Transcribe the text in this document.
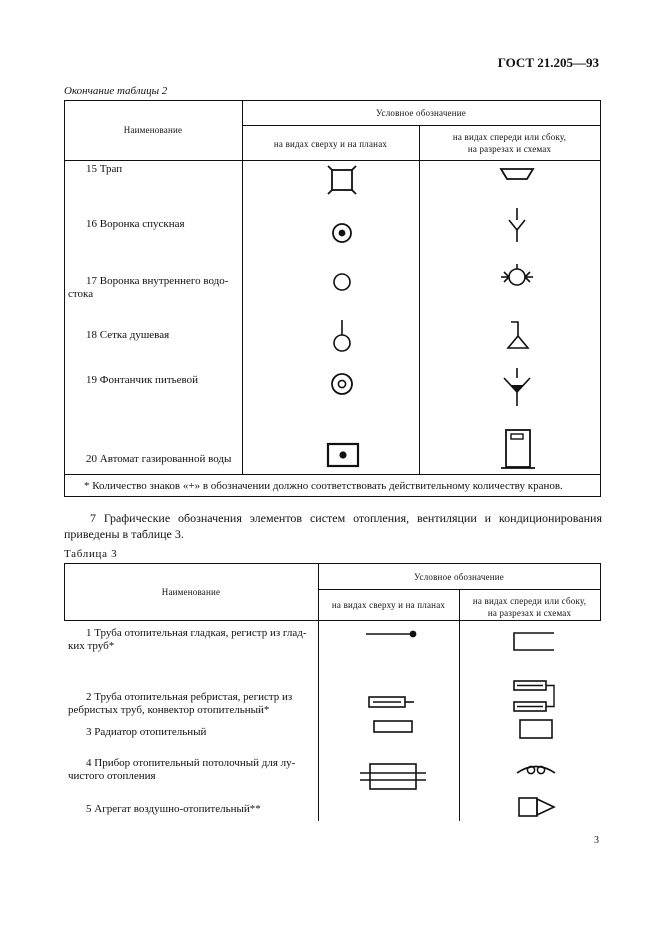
ГОСТ 21.205—93
Окончание таблицы 2
Наименование
Условное обозначение
на видах сверху и на планах
на видах спереди или сбоку,
на разрезах и схемах
15 Трап
16 Воронка спускная
17 Воронка внутреннего водо-
стока
18 Сетка душевая
19 Фонтанчик питьевой
20 Автомат газированной воды
* Количество знаков «+» в обозначении должно соответствовать действительному количеству кранов.
7 Графические обозначения элементов систем отопления, вентиляции и кондиционирования приведены в таблице 3.
Таблица 3
Наименование
Условное обозначение
на видах сверху и на планах	на видах спереди или сбоку,
на разрезах и схемах
1 Труба отопительная гладкая, регистр из глад-
ких труб*
2 Труба отопительная ребристая, регистр из
ребристых труб, конвектор отопительный*
3 Радиатор отопительный
4 Прибор отопительный потолочный для лу-
чистого отопления
5 Агрегат воздушно-отопительный**
3
